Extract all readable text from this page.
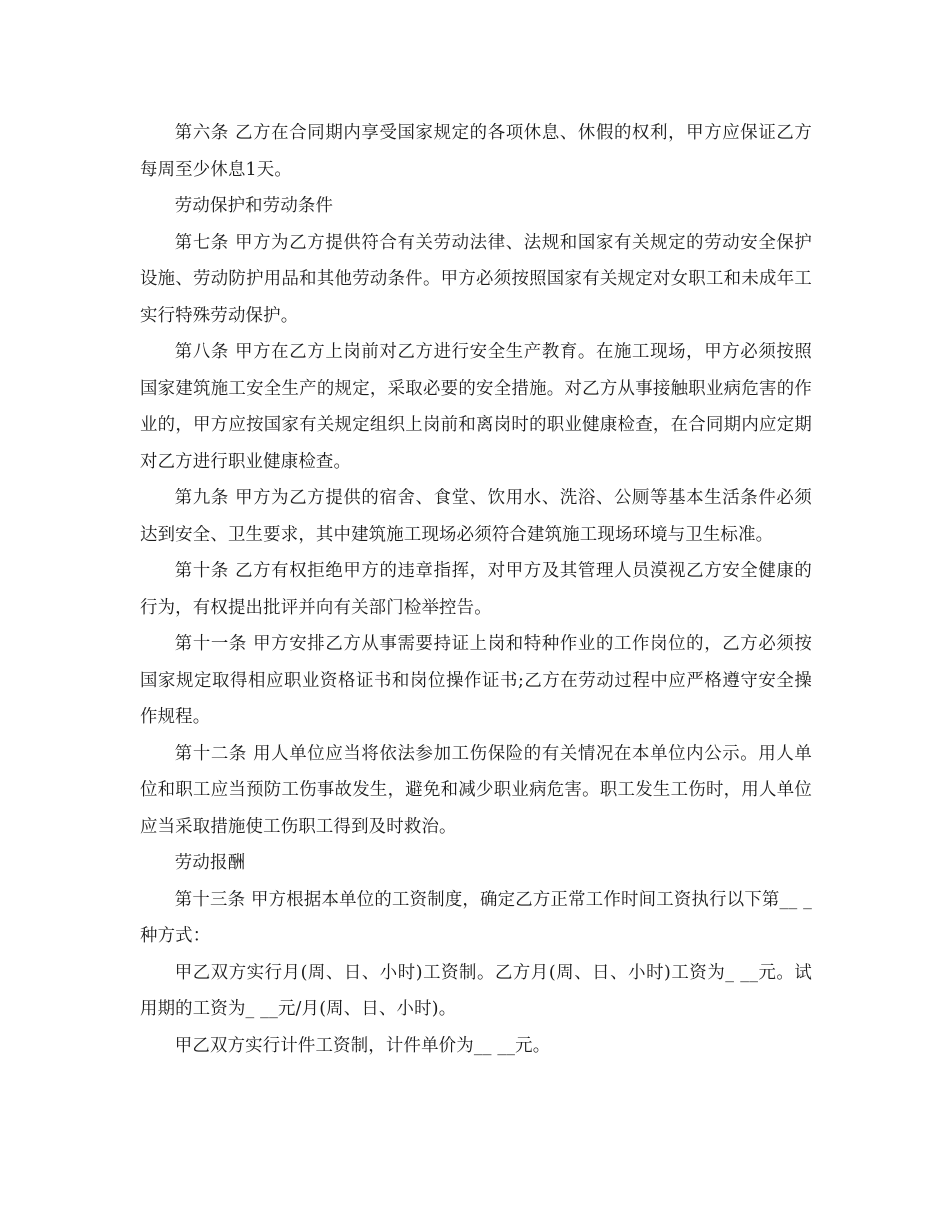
第六条 乙方在合同期内享受国家规定的各项休息、休假的权利，甲方应保证乙方每周至少休息1天。

劳动保护和劳动条件

第七条 甲方为乙方提供符合有关劳动法律、法规和国家有关规定的劳动安全保护设施、劳动防护用品和其他劳动条件。甲方必须按照国家有关规定对女职工和未成年工实行特殊劳动保护。

第八条 甲方在乙方上岗前对乙方进行安全生产教育。在施工现场，甲方必须按照国家建筑施工安全生产的规定，采取必要的安全措施。对乙方从事接触职业病危害的作业的，甲方应按国家有关规定组织上岗前和离岗时的职业健康检查，在合同期内应定期对乙方进行职业健康检查。

第九条 甲方为乙方提供的宿舍、食堂、饮用水、洗浴、公厕等基本生活条件必须达到安全、卫生要求，其中建筑施工现场必须符合建筑施工现场环境与卫生标准。

第十条 乙方有权拒绝甲方的违章指挥，对甲方及其管理人员漠视乙方安全健康的行为，有权提出批评并向有关部门检举控告。

第十一条 甲方安排乙方从事需要持证上岗和特种作业的工作岗位的，乙方必须按国家规定取得相应职业资格证书和岗位操作证书;乙方在劳动过程中应严格遵守安全操作规程。

第十二条 用人单位应当将依法参加工伤保险的有关情况在本单位内公示。用人单位和职工应当预防工伤事故发生，避免和减少职业病危害。职工发生工伤时，用人单位应当采取措施使工伤职工得到及时救治。

劳动报酬

第十三条 甲方根据本单位的工资制度，确定乙方正常工作时间工资执行以下第__ _种方式：

甲乙双方实行月(周、日、小时)工资制。乙方月(周、日、小时)工资为_ __元。试用期的工资为_ __元/月(周、日、小时)。

甲乙双方实行计件工资制，计件单价为__ __元。
